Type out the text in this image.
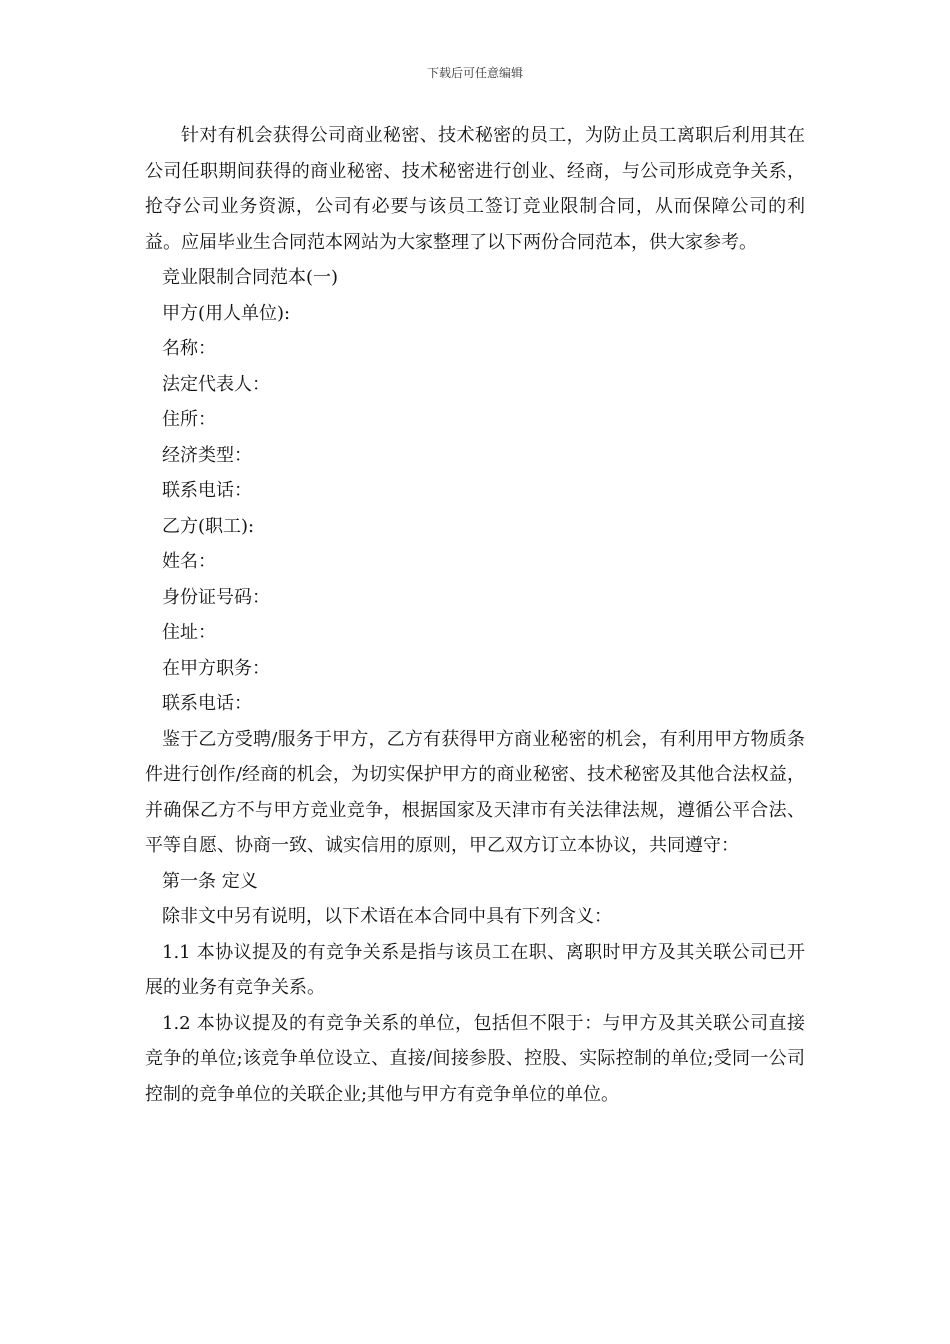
下载后可任意编辑

针对有机会获得公司商业秘密、技术秘密的员工，为防止员工离职后利用其在公司任职期间获得的商业秘密、技术秘密进行创业、经商，与公司形成竞争关系，抢夺公司业务资源，公司有必要与该员工签订竞业限制合同，从而保障公司的利益。应届毕业生合同范本网站为大家整理了以下两份合同范本，供大家参考。

竞业限制合同范本(一)

甲方(用人单位):

名称：

法定代表人：

住所：

经济类型：

联系电话：

乙方(职工):

姓名：

身份证号码：

住址：

在甲方职务：

联系电话：

鉴于乙方受聘/服务于甲方，乙方有获得甲方商业秘密的机会，有利用甲方物质条件进行创作/经商的机会，为切实保护甲方的商业秘密、技术秘密及其他合法权益，并确保乙方不与甲方竞业竞争，根据国家及天津市有关法律法规，遵循公平合法、平等自愿、协商一致、诚实信用的原则，甲乙双方订立本协议，共同遵守：

第一条 定义

除非文中另有说明，以下术语在本合同中具有下列含义：

1.1 本协议提及的有竞争关系是指与该员工在职、离职时甲方及其关联公司已开展的业务有竞争关系。

1.2 本协议提及的有竞争关系的单位，包括但不限于：与甲方及其关联公司直接竞争的单位;该竞争单位设立、直接/间接参股、控股、实际控制的单位;受同一公司控制的竞争单位的关联企业;其他与甲方有竞争单位的单位。
